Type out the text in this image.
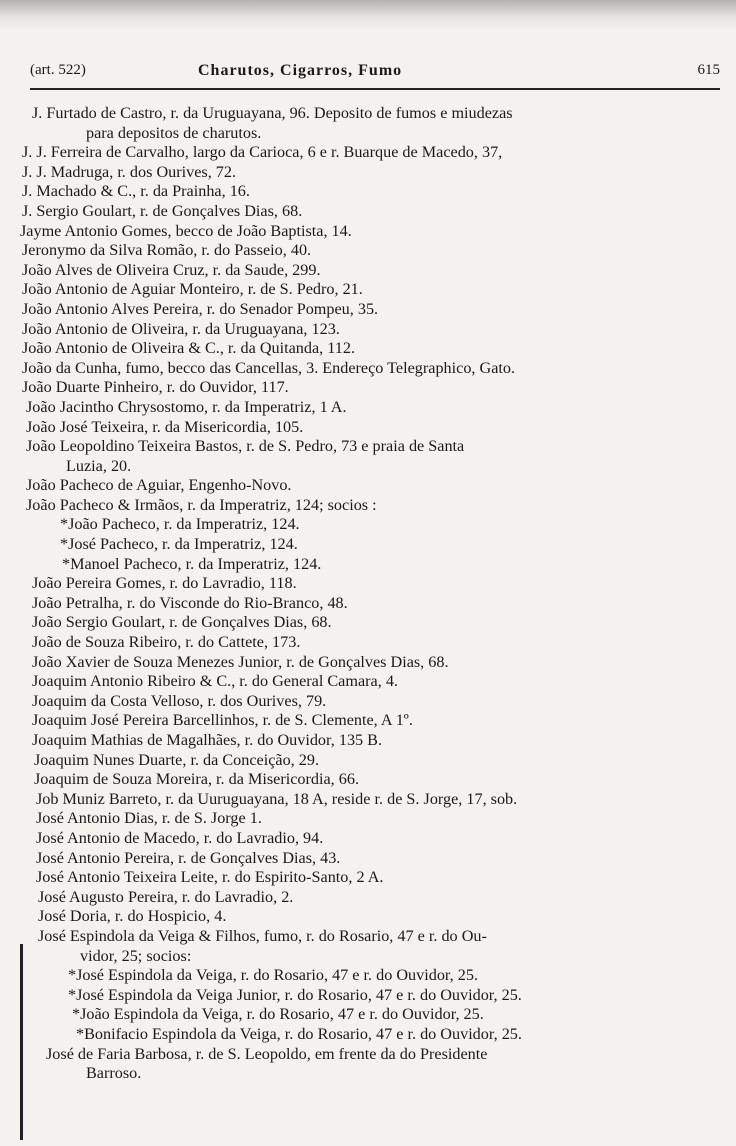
(art. 522)	Charutos, Cigarros, Fumo	615
J. Furtado de Castro, r. da Uruguayana, 96. Deposito de fumos e miudezas
para depositos de charutos.
J. J. Ferreira de Carvalho, largo da Carioca, 6 e r. Buarque de Macedo, 37,
J. J. Madruga, r. dos Ourives, 72.
J. Machado & C., r. da Prainha, 16.
J. Sergio Goulart, r. de Gonçalves Dias, 68.
Jayme Antonio Gomes, becco de João Baptista, 14.
Jeronymo da Silva Romão, r. do Passeio, 40.
João Alves de Oliveira Cruz, r. da Saude, 299.
João Antonio de Aguiar Monteiro, r. de S. Pedro, 21.
João Antonio Alves Pereira, r. do Senador Pompeu, 35.
João Antonio de Oliveira, r. da Uruguayana, 123.
João Antonio de Oliveira & C., r. da Quitanda, 112.
João da Cunha, fumo, becco das Cancellas, 3. Endereço Telegraphico, Gato.
João Duarte Pinheiro, r. do Ouvidor, 117.
João Jacintho Chrysostomo, r. da Imperatriz, 1 A.
João José Teixeira, r. da Misericordia, 105.
João Leopoldino Teixeira Bastos, r. de S. Pedro, 73 e praia de Santa
Luzia, 20.
João Pacheco de Aguiar, Engenho-Novo.
João Pacheco & Irmãos, r. da Imperatriz, 124; socios :
*João Pacheco, r. da Imperatriz, 124.
*José Pacheco, r. da Imperatriz, 124.
*Manoel Pacheco, r. da Imperatriz, 124.
João Pereira Gomes, r. do Lavradio, 118.
João Petralha, r. do Visconde do Rio-Branco, 48.
João Sergio Goulart, r. de Gonçalves Dias, 68.
João de Souza Ribeiro, r. do Cattete, 173.
João Xavier de Souza Menezes Junior, r. de Gonçalves Dias, 68.
Joaquim Antonio Ribeiro & C., r. do General Camara, 4.
Joaquim da Costa Velloso, r. dos Ourives, 79.
Joaquim José Pereira Barcellinhos, r. de S. Clemente, A 1º.
Joaquim Mathias de Magalhães, r. do Ouvidor, 135 B.
Joaquim Nunes Duarte, r. da Conceição, 29.
Joaquim de Souza Moreira, r. da Misericordia, 66.
Job Muniz Barreto, r. da Uuruguayana, 18 A, reside r. de S. Jorge, 17, sob.
José Antonio Dias, r. de S. Jorge 1.
José Antonio de Macedo, r. do Lavradio, 94.
José Antonio Pereira, r. de Gonçalves Dias, 43.
José Antonio Teixeira Leite, r. do Espirito-Santo, 2 A.
José Augusto Pereira, r. do Lavradio, 2.
José Doria, r. do Hospicio, 4.
José Espindola da Veiga & Filhos, fumo, r. do Rosario, 47 e r. do Ou-
vidor, 25; socios:
*José Espindola da Veiga, r. do Rosario, 47 e r. do Ouvidor, 25.
*José Espindola da Veiga Junior, r. do Rosario, 47 e r. do Ouvidor, 25.
*João Espindola da Veiga, r. do Rosario, 47 e r. do Ouvidor, 25.
*Bonifacio Espindola da Veiga, r. do Rosario, 47 e r. do Ouvidor, 25.
José de Faria Barbosa, r. de S. Leopoldo, em frente da do Presidente
Barroso.
